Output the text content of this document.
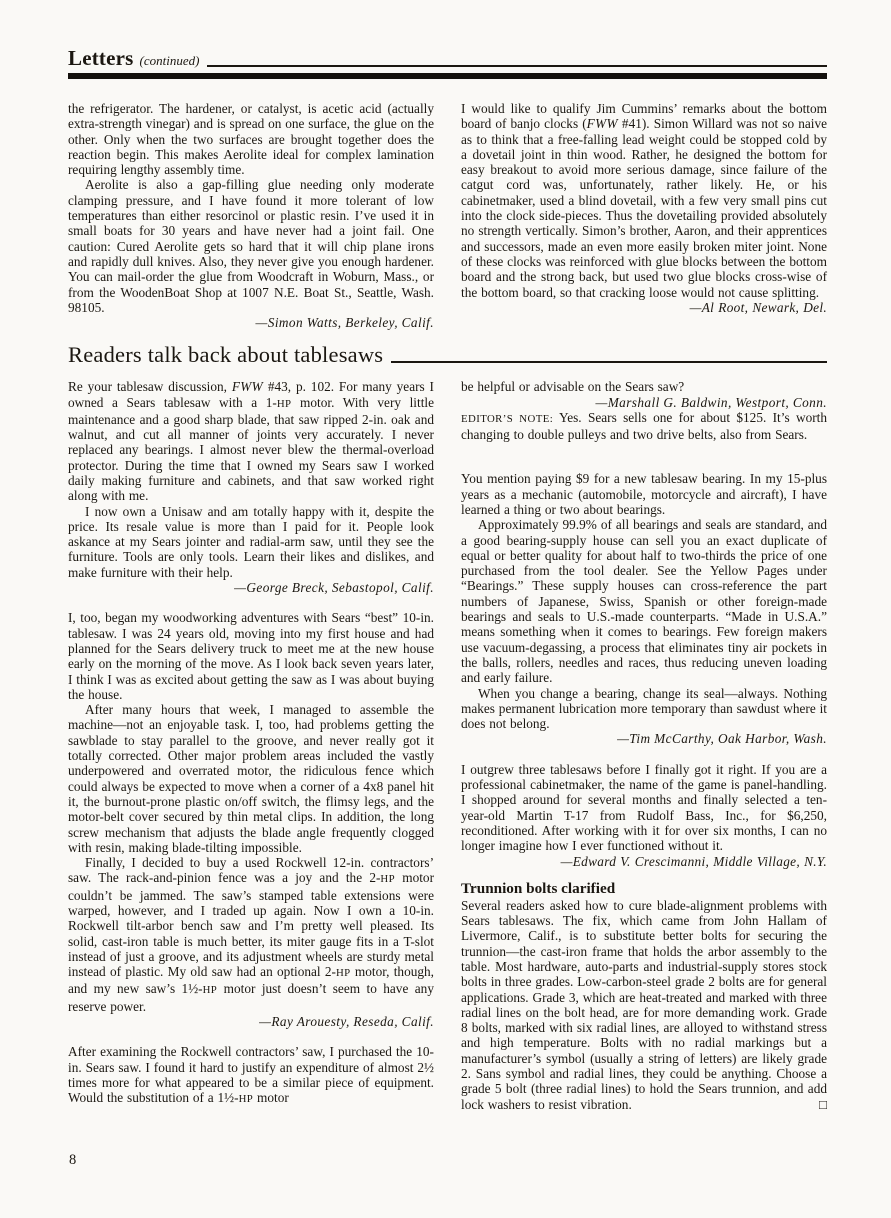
Letters (continued)

the refrigerator. The hardener, or catalyst, is acetic acid (actually extra-strength vinegar) and is spread on one surface, the glue on the other. Only when the two surfaces are brought together does the reaction begin. This makes Aerolite ideal for complex lamination requiring lengthy assembly time.

Aerolite is also a gap-filling glue needing only moderate clamping pressure, and I have found it more tolerant of low temperatures than either resorcinol or plastic resin. I’ve used it in small boats for 30 years and have never had a joint fail. One caution: Cured Aerolite gets so hard that it will chip plane irons and rapidly dull knives. Also, they never give you enough hardener. You can mail-order the glue from Woodcraft in Woburn, Mass., or from the WoodenBoat Shop at 1007 N.E. Boat St., Seattle, Wash. 98105.

—Simon Watts, Berkeley, Calif.

I would like to qualify Jim Cummins’ remarks about the bottom board of banjo clocks (FWW #41). Simon Willard was not so naive as to think that a free-falling lead weight could be stopped cold by a dovetail joint in thin wood. Rather, he designed the bottom for easy breakout to avoid more serious damage, since failure of the catgut cord was, unfortunately, rather likely. He, or his cabinetmaker, used a blind dovetail, with a few very small pins cut into the clock side-pieces. Thus the dovetailing provided absolutely no strength vertically. Simon’s brother, Aaron, and their apprentices and successors, made an even more easily broken miter joint. None of these clocks was reinforced with glue blocks between the bottom board and the strong back, but used two glue blocks cross-wise of the bottom board, so that cracking loose would not cause splitting. 
—Al Root, Newark, Del.

Readers talk back about tablesaws

Re your tablesaw discussion, FWW #43, p. 102. For many years I owned a Sears tablesaw with a 1-HP motor. With very little maintenance and a good sharp blade, that saw ripped 2-in. oak and walnut, and cut all manner of joints very accurately. I never replaced any bearings. I almost never blew the thermal-overload protector. During the time that I owned my Sears saw I worked daily making furniture and cabinets, and that saw worked right along with me.

I now own a Unisaw and am totally happy with it, despite the price. Its resale value is more than I paid for it. People look askance at my Sears jointer and radial-arm saw, until they see the furniture. Tools are only tools. Learn their likes and dislikes, and make furniture with their help.

—George Breck, Sebastopol, Calif.

I, too, began my woodworking adventures with Sears “best” 10-in. tablesaw. I was 24 years old, moving into my first house and had planned for the Sears delivery truck to meet me at the new house early on the morning of the move. As I look back seven years later, I think I was as excited about getting the saw as I was about buying the house.

After many hours that week, I managed to assemble the machine—not an enjoyable task. I, too, had problems getting the sawblade to stay parallel to the groove, and never really got it totally corrected. Other major problem areas included the vastly underpowered and overrated motor, the ridiculous fence which could always be expected to move when a corner of a 4x8 panel hit it, the burnout-prone plastic on/off switch, the flimsy legs, and the motor-belt cover secured by thin metal clips. In addition, the long screw mechanism that adjusts the blade angle frequently clogged with resin, making blade-tilting impossible.

Finally, I decided to buy a used Rockwell 12-in. contractors’ saw. The rack-and-pinion fence was a joy and the 2-HP motor couldn’t be jammed. The saw’s stamped table extensions were warped, however, and I traded up again. Now I own a 10-in. Rockwell tilt-arbor bench saw and I’m pretty well pleased. Its solid, cast-iron table is much better, its miter gauge fits in a T-slot instead of just a groove, and its adjustment wheels are sturdy metal instead of plastic. My old saw had an optional 2-HP motor, though, and my new saw’s 1½-HP motor just doesn’t seem to have any reserve power.

—Ray Arouesty, Reseda, Calif.

After examining the Rockwell contractors’ saw, I purchased the 10-in. Sears saw. I found it hard to justify an expenditure of almost 2½ times more for what appeared to be a similar piece of equipment. Would the substitution of a 1½-HP motor

be helpful or advisable on the Sears saw?

—Marshall G. Baldwin, Westport, Conn.

EDITOR’S NOTE: Yes. Sears sells one for about $125. It’s worth changing to double pulleys and two drive belts, also from Sears.

You mention paying $9 for a new tablesaw bearing. In my 15-plus years as a mechanic (automobile, motorcycle and aircraft), I have learned a thing or two about bearings.

Approximately 99.9% of all bearings and seals are standard, and a good bearing-supply house can sell you an exact duplicate of equal or better quality for about half to two-thirds the price of one purchased from the tool dealer. See the Yellow Pages under “Bearings.” These supply houses can cross-reference the part numbers of Japanese, Swiss, Spanish or other foreign-made bearings and seals to U.S.-made counterparts. “Made in U.S.A.” means something when it comes to bearings. Few foreign makers use vacuum-degassing, a process that eliminates tiny air pockets in the balls, rollers, needles and races, thus reducing uneven loading and early failure.

When you change a bearing, change its seal—always. Nothing makes permanent lubrication more temporary than sawdust where it does not belong.

—Tim McCarthy, Oak Harbor, Wash.

I outgrew three tablesaws before I finally got it right. If you are a professional cabinetmaker, the name of the game is panel-handling. I shopped around for several months and finally selected a ten-year-old Martin T-17 from Rudolf Bass, Inc., for $6,250, reconditioned. After working with it for over six months, I can no longer imagine how I ever functioned without it. 
—Edward V. Crescimanni, Middle Village, N.Y.

Trunnion bolts clarified

Several readers asked how to cure blade-alignment problems with Sears tablesaws. The fix, which came from John Hallam of Livermore, Calif., is to substitute better bolts for securing the trunnion—the cast-iron frame that holds the arbor assembly to the table. Most hardware, auto-parts and industrial-supply stores stock bolts in three grades. Low-carbon-steel grade 2 bolts are for general applications. Grade 3, which are heat-treated and marked with three radial lines on the bolt head, are for more demanding work. Grade 8 bolts, marked with six radial lines, are alloyed to withstand stress and high temperature. Bolts with no radial markings but a manufacturer’s symbol (usually a string of letters) are likely grade 2. Sans symbol and radial lines, they could be anything. Choose a grade 5 bolt (three radial lines) to hold the Sears trunnion, and add lock washers to resist vibration.	□

8
